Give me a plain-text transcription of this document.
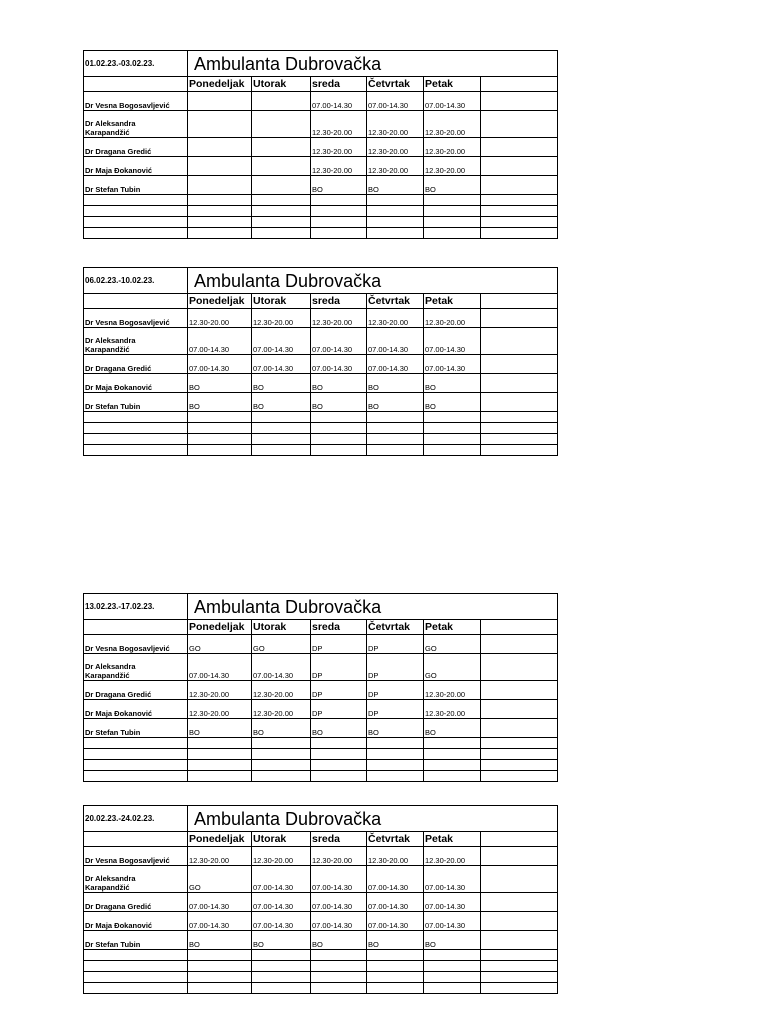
01.02.23.-03.02.23.	Ambulanta Dubrovačka					
	Ponedeljak	Utorak	sreda	Četvrtak	Petak	

Dr Vesna Bogosavljević			07.00-14.30	07.00-14.30	07.00-14.30	

Dr Aleksandra
Karapandžić			12.30-20.00	12.30-20.00	12.30-20.00	

Dr Dragana Gredić			12.30-20.00	12.30-20.00	12.30-20.00	

Dr Maja Đokanović			12.30-20.00	12.30-20.00	12.30-20.00	

Dr Stefan Tubin			BO	BO	BO	

06.02.23.-10.02.23.	Ambulanta Dubrovačka					
	Ponedeljak	Utorak	sreda	Četvrtak	Petak	

Dr Vesna Bogosavljević	12.30-20.00	12.30-20.00	12.30-20.00	12.30-20.00	12.30-20.00	

Dr Aleksandra
Karapandžić	07.00-14.30	07.00-14.30	07.00-14.30	07.00-14.30	07.00-14.30	

Dr Dragana Gredić	07.00-14.30	07.00-14.30	07.00-14.30	07.00-14.30	07.00-14.30	

Dr Maja Đokanović	BO	BO	BO	BO	BO	

Dr Stefan Tubin	BO	BO	BO	BO	BO	

13.02.23.-17.02.23.	Ambulanta Dubrovačka					
	Ponedeljak	Utorak	sreda	Četvrtak	Petak	

Dr Vesna Bogosavljević	GO	GO	DP	DP	GO	

Dr Aleksandra
Karapandžić	07.00-14.30	07.00-14.30	DP	DP	GO	

Dr Dragana Gredić	12.30-20.00	12.30-20.00	DP	DP	12.30-20.00	

Dr Maja Đokanović	12.30-20.00	12.30-20.00	DP	DP	12.30-20.00	

Dr Stefan Tubin	BO	BO	BO	BO	BO	

20.02.23.-24.02.23.	Ambulanta Dubrovačka					
	Ponedeljak	Utorak	sreda	Četvrtak	Petak	

Dr Vesna Bogosavljević	12.30-20.00	12.30-20.00	12.30-20.00	12.30-20.00	12.30-20.00	

Dr Aleksandra
Karapandžić	GO	07.00-14.30	07.00-14.30	07.00-14.30	07.00-14.30	

Dr Dragana Gredić	07.00-14.30	07.00-14.30	07.00-14.30	07.00-14.30	07.00-14.30	

Dr Maja Đokanović	07.00-14.30	07.00-14.30	07.00-14.30	07.00-14.30	07.00-14.30	

Dr Stefan Tubin	BO	BO	BO	BO	BO	
